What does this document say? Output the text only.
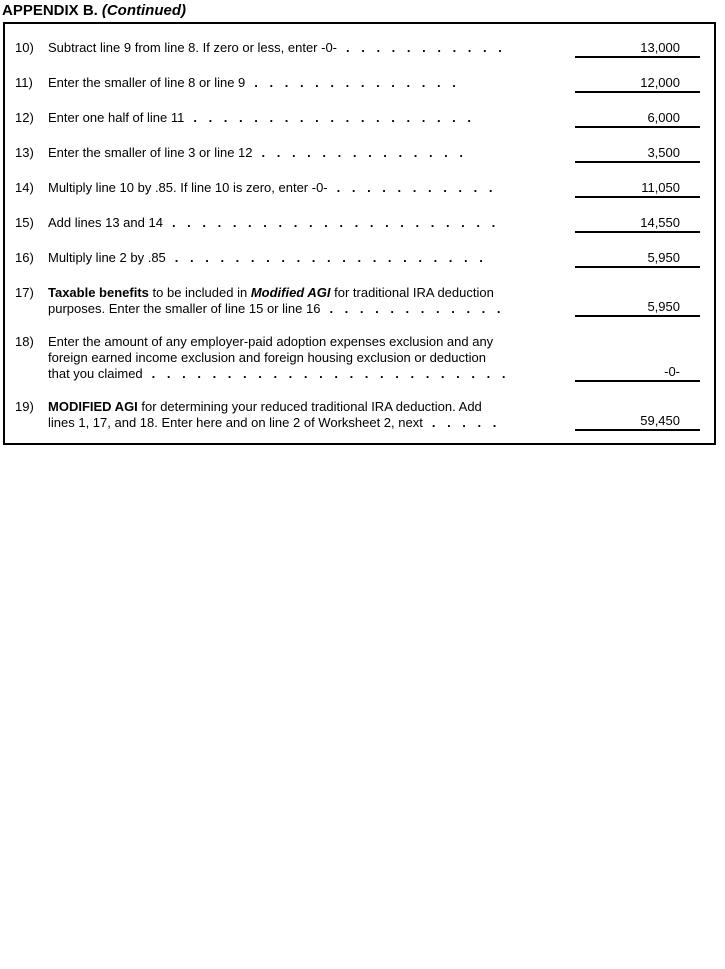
APPENDIX B. (Continued)
10)	Subtract line 9 from line 8. If zero or less, enter -0- . . . . . . . . . . .	13,000
11)	Enter the smaller of line 8 or line 9 . . . . . . . . . . . . . .	12,000
12)	Enter one half of line 11 . . . . . . . . . . . . . . . . . . .	6,000
13)	Enter the smaller of line 3 or line 12 . . . . . . . . . . . . . .	3,500
14)	Multiply line 10 by .85. If line 10 is zero, enter -0- . . . . . . . . . . .	11,050
15)	Add lines 13 and 14 . . . . . . . . . . . . . . . . . . . . . .	14,550
16)	Multiply line 2 by .85 . . . . . . . . . . . . . . . . . . . . .	5,950
17)	Taxable benefits to be included in Modified AGI for traditional IRA deduction
purposes. Enter the smaller of line 15 or line 16 . . . . . . . . . . . .	5,950
18)	Enter the amount of any employer-paid adoption expenses exclusion and any
foreign earned income exclusion and foreign housing exclusion or deduction
that you claimed . . . . . . . . . . . . . . . . . . . . . . . .	-0-
19)	MODIFIED AGI for determining your reduced traditional IRA deduction. Add
lines 1, 17, and 18. Enter here and on line 2 of Worksheet 2, next . . . . .	59,450
